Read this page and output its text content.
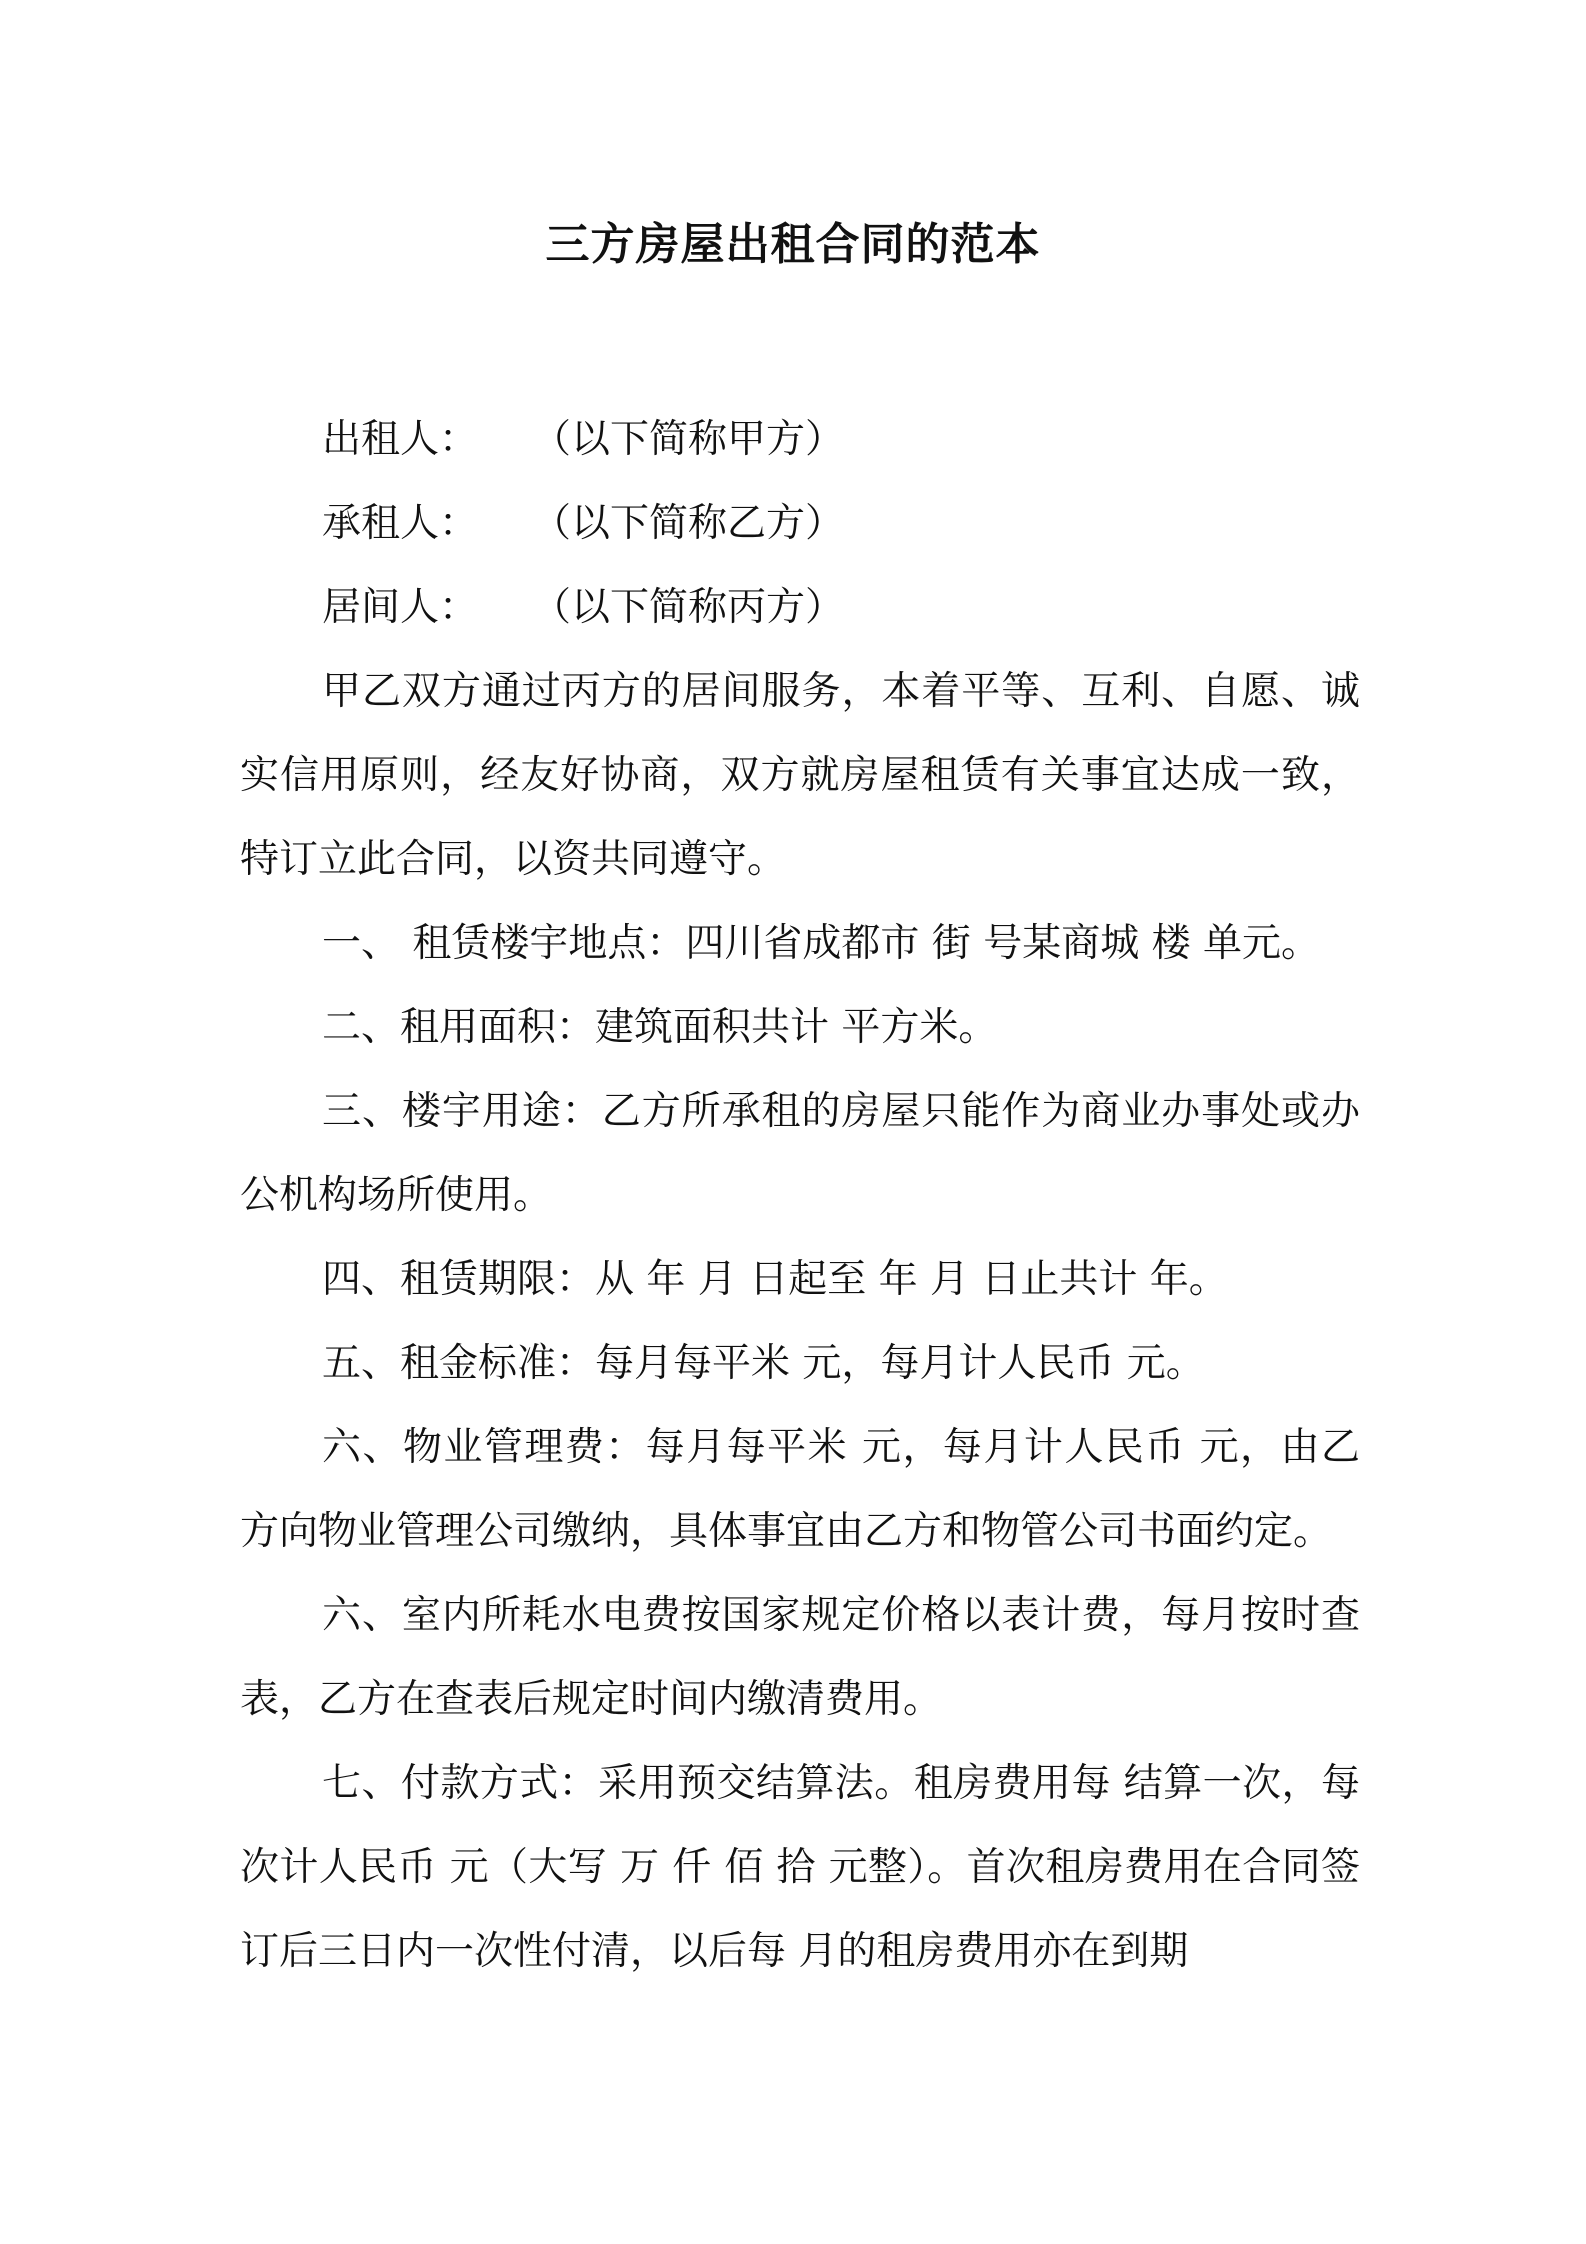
三方房屋出租合同的范本
出租人： （以下简称甲方）
承租人： （以下简称乙方）
居间人： （以下简称丙方）

甲乙双方通过丙方的居间服务，本着平等、互利、自愿、诚实信用原则，经友好协商，双方就房屋租赁有关事宜达成一致，特订立此合同，以资共同遵守。

一、 租赁楼宇地点：四川省成都市 街 号某商城 楼 单元。

二、租用面积：建筑面积共计 平方米。

三、楼宇用途：乙方所承租的房屋只能作为商业办事处或办公机构场所使用。

四、租赁期限：从 年 月 日起至 年 月 日止共计 年。

五、租金标准：每月每平米 元，每月计人民币 元。

六、物业管理费：每月每平米 元，每月计人民币 元，由乙方向物业管理公司缴纳，具体事宜由乙方和物管公司书面约定。

六、室内所耗水电费按国家规定价格以表计费，每月按时查表，乙方在查表后规定时间内缴清费用。

七、付款方式：采用预交结算法。租房费用每 结算一次，每次计人民币 元（大写 万 仟 佰 拾 元整）。首次租房费用在合同签订后三日内一次性付清，以后每 月的租房费用亦在到期
